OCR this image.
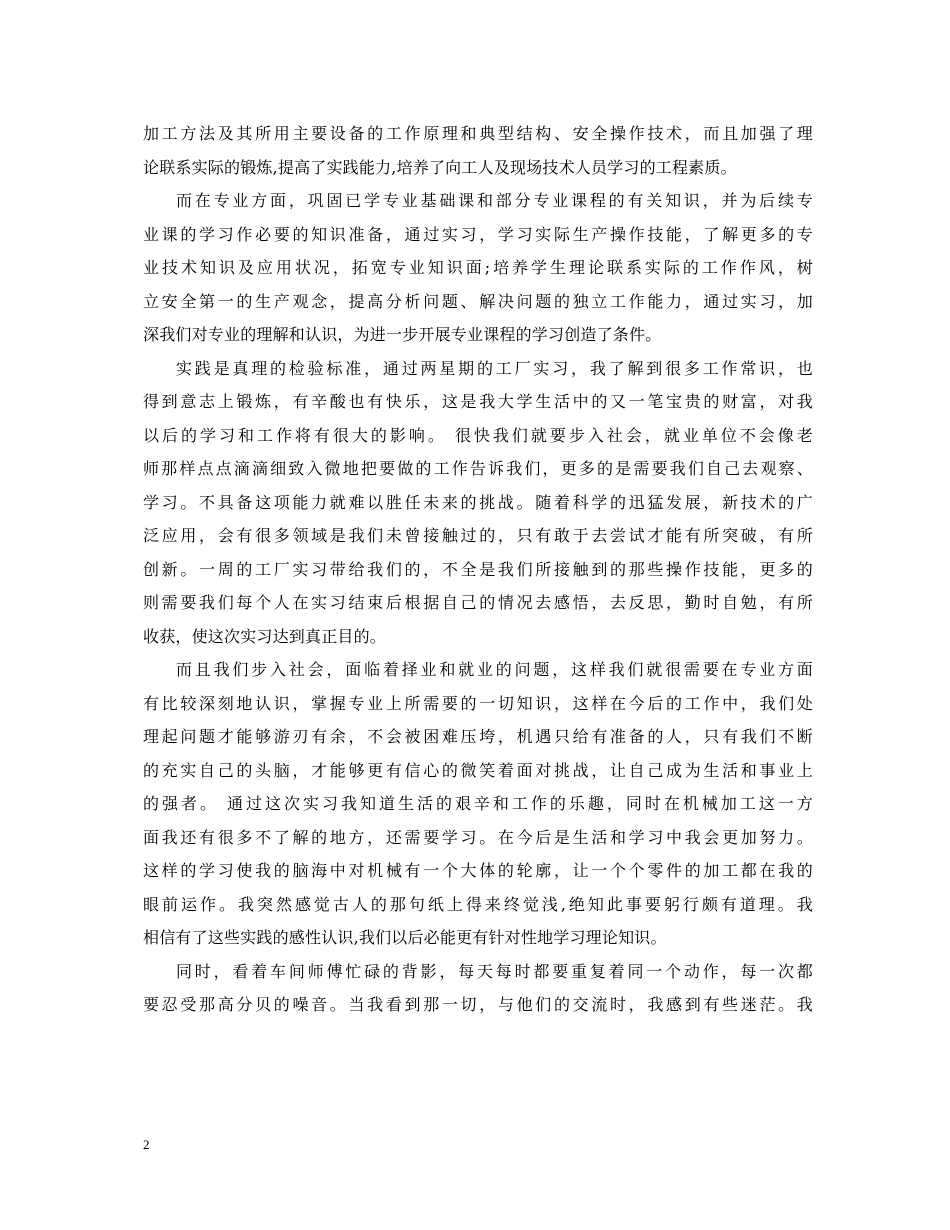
加工方法及其所用主要设备的工作原理和典型结构、安全操作技术，而且加强了理
论联系实际的锻炼,提高了实践能力,培养了向工人及现场技术人员学习的工程素质。
而在专业方面，巩固已学专业基础课和部分专业课程的有关知识，并为后续专
业课的学习作必要的知识准备，通过实习，学习实际生产操作技能，了解更多的专
业技术知识及应用状况，拓宽专业知识面;培养学生理论联系实际的工作作风，树
立安全第一的生产观念，提高分析问题、解决问题的独立工作能力，通过实习，加
深我们对专业的理解和认识，为进一步开展专业课程的学习创造了条件。
实践是真理的检验标准，通过两星期的工厂实习，我了解到很多工作常识，也
得到意志上锻炼，有辛酸也有快乐，这是我大学生活中的又一笔宝贵的财富，对我
以后的学习和工作将有很大的影响。 很快我们就要步入社会，就业单位不会像老
师那样点点滴滴细致入微地把要做的工作告诉我们，更多的是需要我们自己去观察、
学习。不具备这项能力就难以胜任未来的挑战。随着科学的迅猛发展，新技术的广
泛应用，会有很多领域是我们未曾接触过的，只有敢于去尝试才能有所突破，有所
创新。一周的工厂实习带给我们的，不全是我们所接触到的那些操作技能，更多的
则需要我们每个人在实习结束后根据自己的情况去感悟，去反思，勤时自勉，有所
收获，使这次实习达到真正目的。
而且我们步入社会，面临着择业和就业的问题，这样我们就很需要在专业方面
有比较深刻地认识，掌握专业上所需要的一切知识，这样在今后的工作中，我们处
理起问题才能够游刃有余，不会被困难压垮，机遇只给有准备的人，只有我们不断
的充实自己的头脑，才能够更有信心的微笑着面对挑战，让自己成为生活和事业上
的强者。 通过这次实习我知道生活的艰辛和工作的乐趣，同时在机械加工这一方
面我还有很多不了解的地方，还需要学习。在今后是生活和学习中我会更加努力。
这样的学习使我的脑海中对机械有一个大体的轮廓，让一个个零件的加工都在我的
眼前运作。我突然感觉古人的那句纸上得来终觉浅,绝知此事要躬行颇有道理。我
相信有了这些实践的感性认识,我们以后必能更有针对性地学习理论知识。
同时，看着车间师傅忙碌的背影，每天每时都要重复着同一个动作，每一次都
要忍受那高分贝的噪音。当我看到那一切，与他们的交流时，我感到有些迷茫。我
2
